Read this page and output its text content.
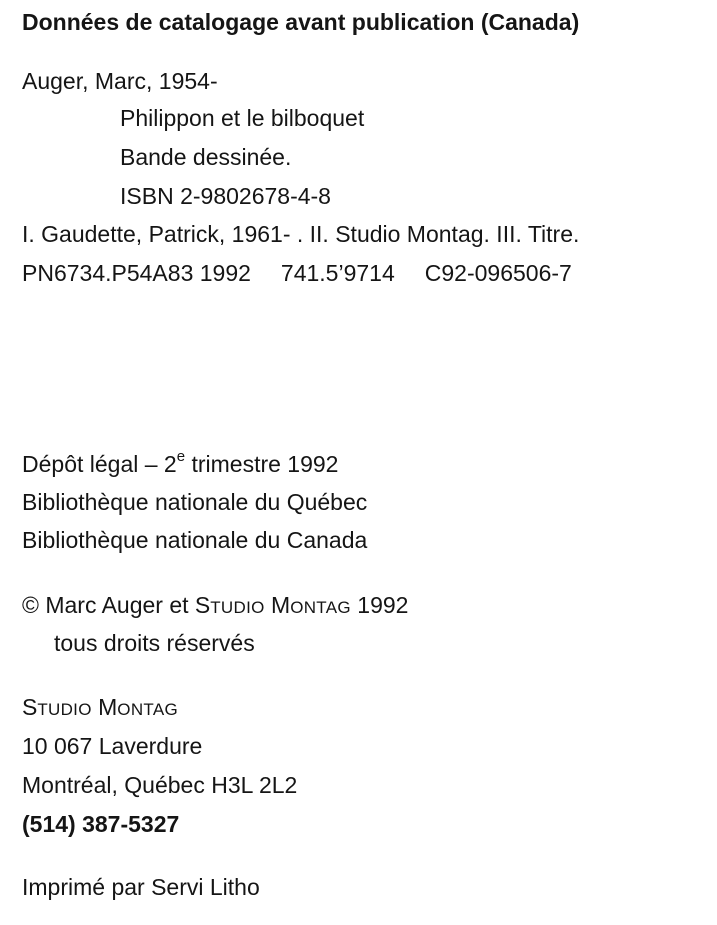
Données de catalogage avant publication (Canada)
Auger, Marc, 1954-
Philippon et le bilboquet
Bande dessinée.
ISBN 2-9802678-4-8
I. Gaudette, Patrick, 1961- . II. Studio Montag. III. Titre.
PN6734.P54A83 1992 741.5’9714 C92-096506-7
Dépôt légal – 2e trimestre 1992
Bibliothèque nationale du Québec
Bibliothèque nationale du Canada
© Marc Auger et STUDIO MONTAG 1992
tous droits réservés
STUDIO MONTAG
10 067 Laverdure
Montréal, Québec H3L 2L2
(514) 387-5327
Imprimé par Servi Litho
